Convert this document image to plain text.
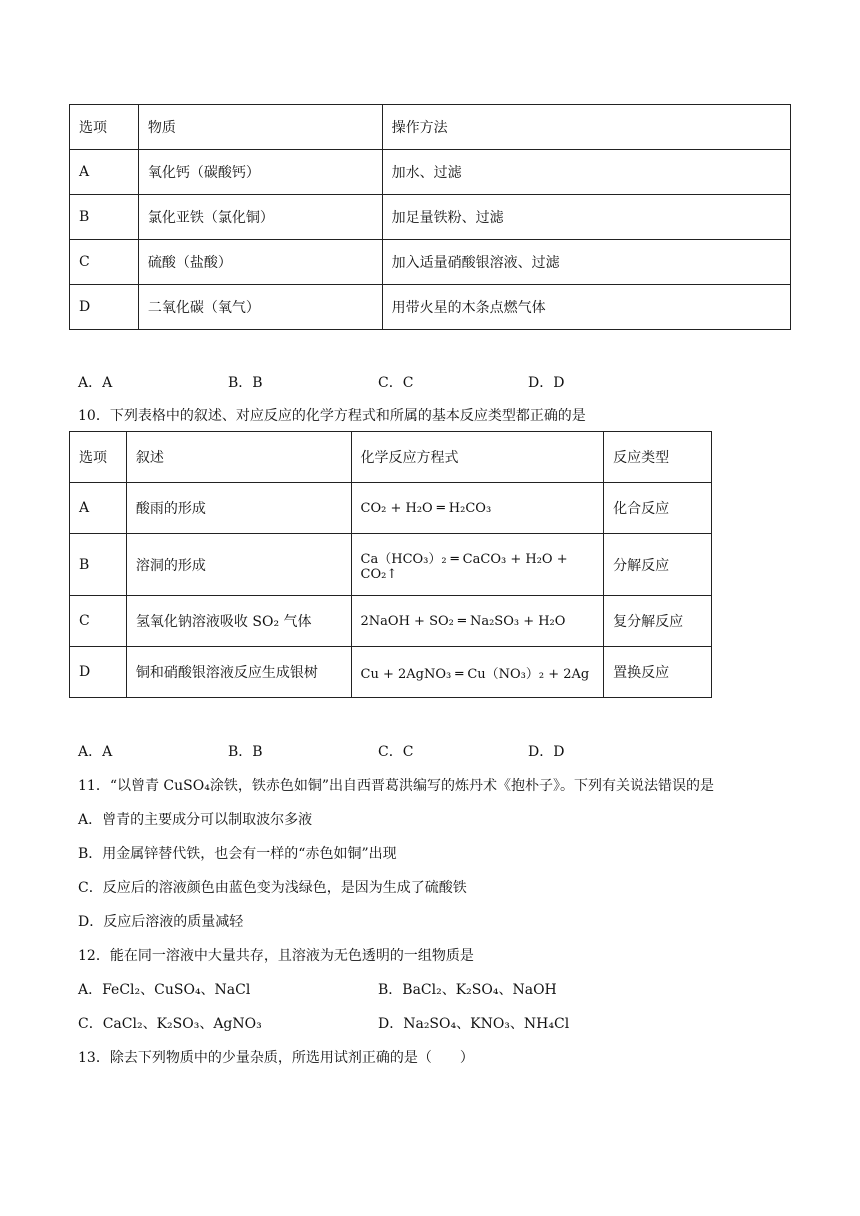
选项	物质	操作方法
A	氧化钙（碳酸钙）	加水、过滤
B	氯化亚铁（氯化铜）	加足量铁粉、过滤
C	硫酸（盐酸）	加入适量硝酸银溶液、过滤
D	二氧化碳（氧气）	用带火星的木条点燃气体
A．A	B．B	C．C	D．D
10．下列表格中的叙述、对应反应的化学方程式和所属的基本反应类型都正确的是
选项	叙述	化学反应方程式	反应类型
A	酸雨的形成	CO₂ + H₂O ═ H₂CO₃	化合反应
B	溶洞的形成	Ca（HCO₃）₂ ═ CaCO₃ + H₂O + CO₂↑	分解反应
C	氢氧化钠溶液吸收 SO₂ 气体	2NaOH + SO₂ ═ Na₂SO₃ + H₂O	复分解反应
D	铜和硝酸银溶液反应生成银树	Cu + 2AgNO₃ ═ Cu（NO₃）₂ + 2Ag	置换反应
A．A	B．B	C．C	D．D
11．“以曾青 CuSO₄涂铁，铁赤色如铜”出自西晋葛洪编写的炼丹术《抱朴子》。下列有关说法错误的是
A．曾青的主要成分可以制取波尔多液
B．用金属锌替代铁，也会有一样的“赤色如铜”出现
C．反应后的溶液颜色由蓝色变为浅绿色，是因为生成了硫酸铁
D．反应后溶液的质量减轻
12．能在同一溶液中大量共存，且溶液为无色透明的一组物质是
A．FeCl₂、CuSO₄、NaCl	B．BaCl₂、K₂SO₄、NaOH
C．CaCl₂、K₂SO₃、AgNO₃	D．Na₂SO₄、KNO₃、NH₄Cl
13．除去下列物质中的少量杂质，所选用试剂正确的是（　　）
